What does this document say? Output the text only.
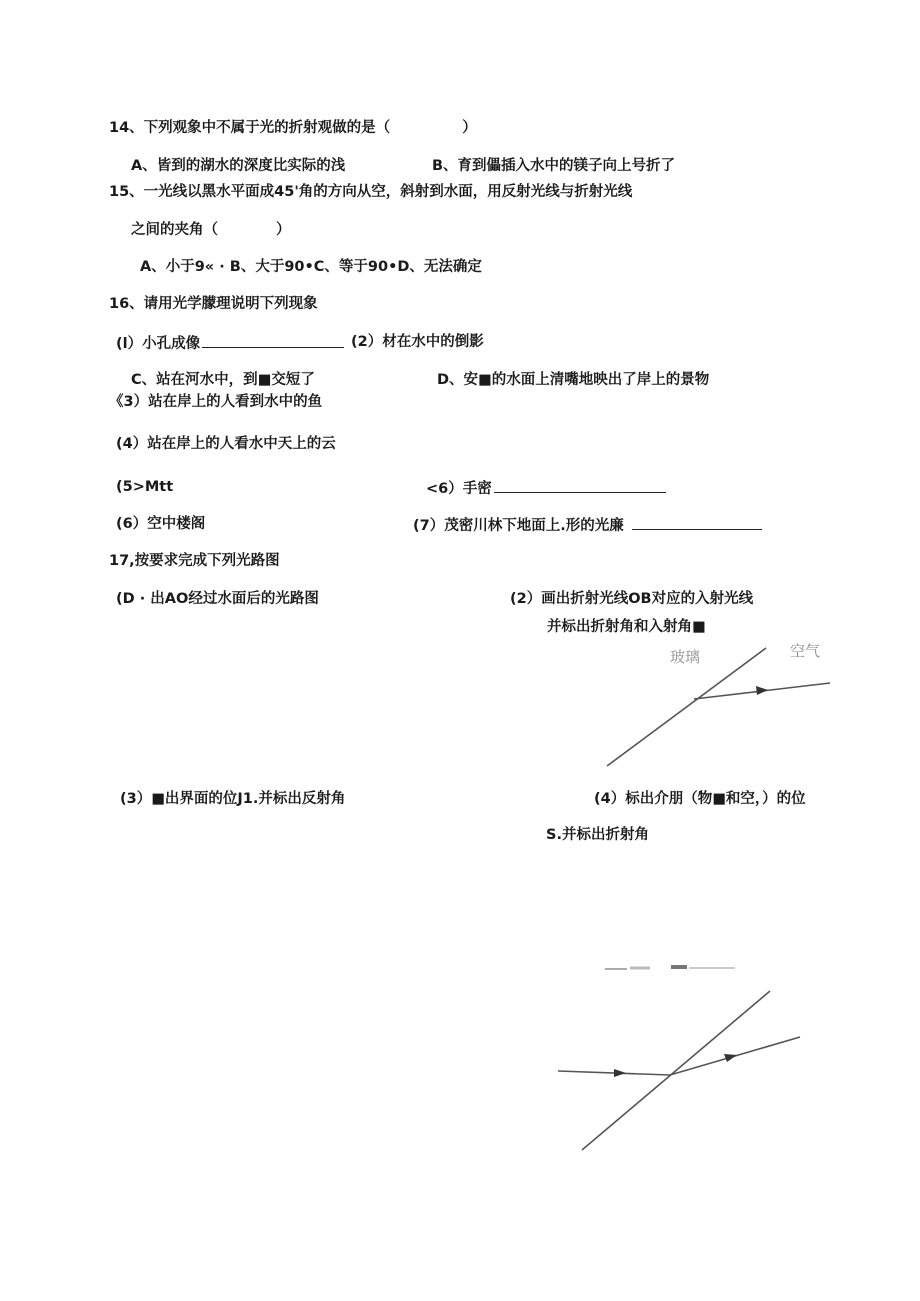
14、下列观象中不属于光的折射观做的是（	）
A、皆到的湖水的深度比实际的浅	B、育到儡插入水中的镁子向上号折了
15、一光线以黑水平面成45'角的方向从空，斜射到水面，用反射光线与折射光线
之间的夹角（	）
A、小于9« · B、大于90•C、等于90•D、无法确定
16、请用光学朦理说明下列现象
(l）小孔成像	(2）材在水中的倒影
C、站在河水中，到■交短了	D、安■的水面上清嘴地映出了岸上的景物
《3）站在岸上的人看到水中的鱼
(4）站在岸上的人看水中天上的云
(5>Mtt	<6）手密
(6）空中楼阁	(7）茂密川林下地面上.形的光廉
17,按要求完成下列光路图
(D · 出AO经过水面后的光路图	(2）画出折射光线OB对应的入射光线
并标出折射角和入射角■
玻璃	空气
(3）■出界面的位J1.并标出反射角	(4）标出介朋（物■和空，）的位
S.并标出折射角
